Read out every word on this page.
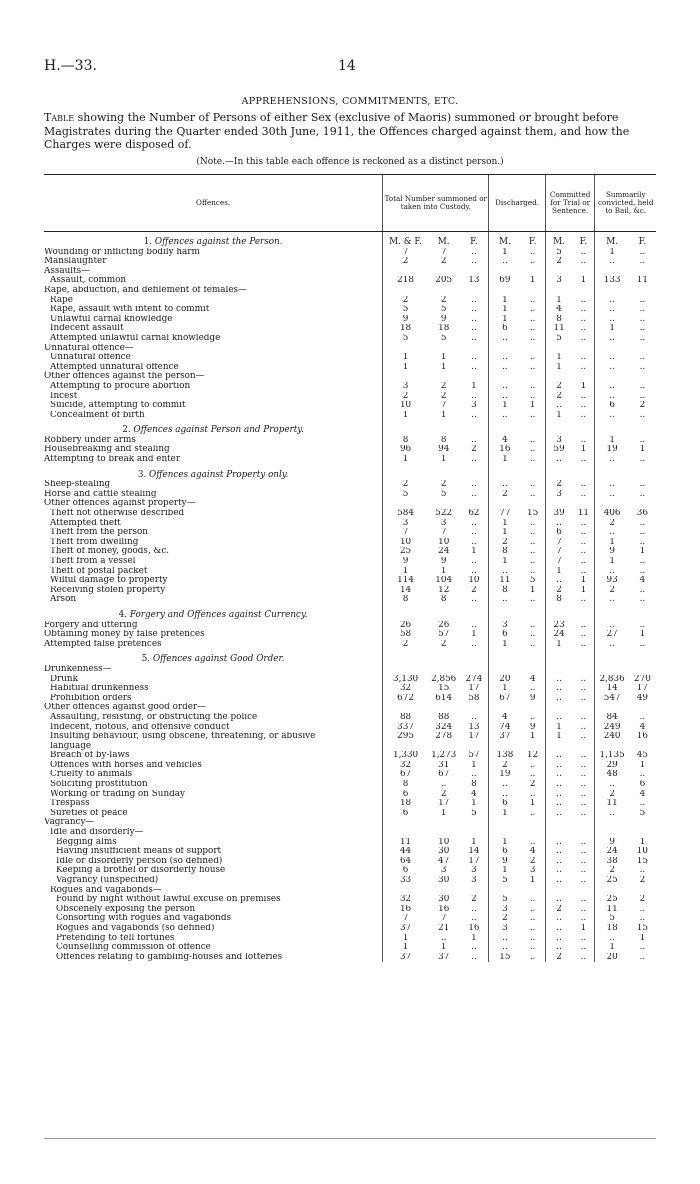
H.—33.	14
APPREHENSIONS, COMMITMENTS, ETC.
Table showing the Number of Persons of either Sex (exclusive of Maoris) summoned or brought before Magistrates during the Quarter ended 30th June, 1911, the Offences charged against them, and how the Charges were disposed of.
(Note.—In this table each offence is reckoned as a distinct person.)
Offences.	Total Number summoned or taken into Custody.			Discharged.		Committed for Trial or Sentence.		Summarily convicted, held to Bail, &c.	
1. Offences against the Person.	M. & F.	M.	F.	M.	F.	M.	F.	M.	F.
Wounding or inflicting bodily harm	7	7	..	1	..	5	..	1	..
Manslaughter	2	2	..	..	..	2	..	..	..
Assaults—									
Assault, common	218	205	13	69	1	3	1	133	11
Rape, abduction, and defilement of females—									
Rape	2	2	..	1	..	1	..	..	..
Rape, assault with intent to commit	5	5	..	1	..	4	..	..	..
Unlawful carnal knowledge	9	9	..	1	..	8	..	..	..
Indecent assault	18	18	..	6	..	11	..	1	..
Attempted unlawful carnal knowledge	5	5	..	..	..	5	..	..	..
Unnatural offence—									
Unnatural offence	1	1	..	..	..	1	..	..	..
Attempted unnatural offence	1	1	..	..	..	1	..	..	..
Other offences against the person—									
Attempting to procure abortion	3	2	1	..	..	2	1	..	..
Incest	2	2	..	..	..	2	..	..	..
Suicide, attempting to commit	10	7	3	1	1	..	..	6	2
Concealment of birth	1	1	..	..	..	1	..	..	..
2. Offences against Person and Property.									
Robbery under arms	8	8	..	4	..	3	..	1	..
Housebreaking and stealing	96	94	2	16	..	59	1	19	1
Attempting to break and enter	1	1	..	1	..	..	..	..	..
3. Offences against Property only.									
Sheep-stealing	2	2	..	..	..	2	..	..	..
Horse and cattle stealing	5	5	..	2	..	3	..	..	..
Other offences against property—									
Theft not otherwise described	584	522	62	77	15	39	11	406	36
Attempted theft	3	3	..	1	..	..	..	2	..
Theft from the person	7	7	..	1	..	6	..	..	..
Theft from dwelling	10	10	..	2	..	7	..	1	..
Theft of money, goods, &c.	25	24	1	8	..	7	..	9	1
Theft from a vessel	9	9	..	1	..	7	..	1	..
Theft of postal packet	1	1	..	..	..	1	..	..	..
Wilful damage to property	114	104	10	11	5	..	1	93	4
Receiving stolen property	14	12	2	8	1	2	1	2	..
Arson	8	8	..	..	..	8	..	..	..
4. Forgery and Offences against Currency.									
Forgery and uttering	26	26	..	3	..	23	..	..	..
Obtaining money by false pretences	58	57	1	6	..	24	..	27	1
Attempted false pretences	2	2	..	1	..	1	..	..	..
5. Offences against Good Order.									
Drunkenness—									
Drunk	3,130	2,856	274	20	4	..	..	2,836	270
Habitual drunkenness	32	15	17	1	..	..	..	14	17
Prohibition orders	672	614	58	67	9	..	..	547	49
Other offences against good order—									
Assaulting, resisting, or obstructing the police	88	88	..	4	..	..	..	84	..
Indecent, riotous, and offensive conduct	337	324	13	74	9	1	..	249	4
Insulting behaviour, using obscene, threatening, or abusive	295	278	17	37	1	1	..	240	16
language									
Breach of by-laws	1,330	1,273	57	138	12	..	..	1,135	45
Offences with horses and vehicles	32	31	1	2	..	..	..	29	1
Cruelty to animals	67	67	..	19	..	..	..	48	..
Soliciting prostitution	8	..	8	..	2	..	..	..	6
Working or trading on Sunday	6	2	4	..	..	..	..	2	4
Trespass	18	17	1	6	1	..	..	11	..
Sureties of peace	6	1	5	1	..	..	..	..	5
Vagrancy—									
Idle and disorderly—									
Begging alms	11	10	1	1	..	..	..	9	1
Having insufficient means of support	44	30	14	6	4	..	..	24	10
Idle or disorderly person (so defined)	64	47	17	9	2	..	..	38	15
Keeping a brothel or disorderly house	6	3	3	1	3	..	..	2	..
Vagrancy (unspecified)	33	30	3	5	1	..	..	25	2
Rogues and vagabonds—									
Found by night without lawful excuse on premises	32	30	2	5	..	..	..	25	2
Obscenely exposing the person	16	16	..	3	..	2	..	11	..
Consorting with rogues and vagabonds	7	7	..	2	..	..	..	5	..
Rogues and vagabonds (so defined)	37	21	16	3	..	..	1	18	15
Pretending to tell fortunes	1	..	1	..	..	..	..	..	1
Counselling commission of offence	1	1	..	..	..	..	..	1	..
Offences relating to gambling-houses and lotteries	37	37	..	15	..	2	..	20	..
